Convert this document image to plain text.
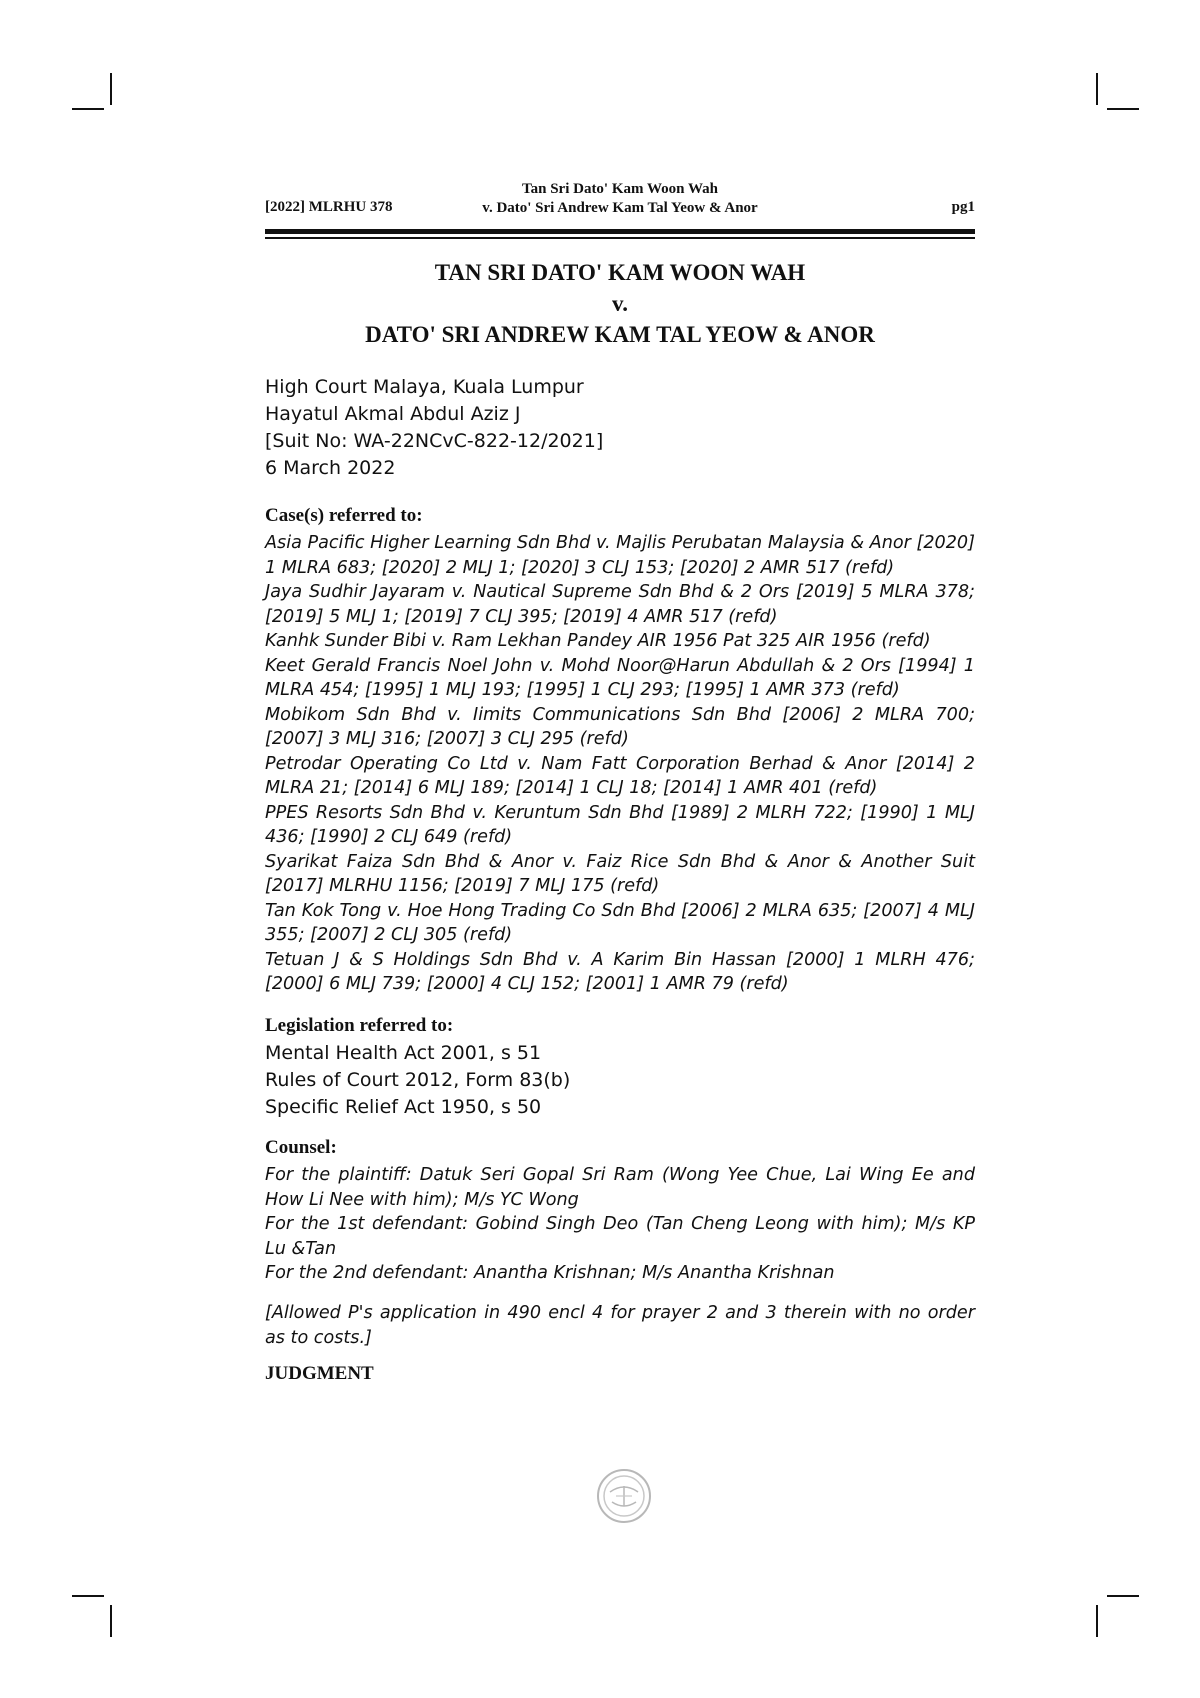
[2022] MLRHU 378
Tan Sri Dato' Kam Woon Wah
v. Dato' Sri Andrew Kam Tal Yeow & Anor	pg1
TAN SRI DATO' KAM WOON WAH
v.
DATO' SRI ANDREW KAM TAL YEOW & ANOR
High Court Malaya, Kuala Lumpur
Hayatul Akmal Abdul Aziz J
[Suit No: WA-22NCvC-822-12/2021]
6 March 2022
Case(s) referred to:

Asia Pacific Higher Learning Sdn Bhd v. Majlis Perubatan Malaysia & Anor [2020] 1 MLRA 683; [2020] 2 MLJ 1; [2020] 3 CLJ 153; [2020] 2 AMR 517 (refd)

Jaya Sudhir Jayaram v. Nautical Supreme Sdn Bhd & 2 Ors [2019] 5 MLRA 378; [2019] 5 MLJ 1; [2019] 7 CLJ 395; [2019] 4 AMR 517 (refd)

Kanhk Sunder Bibi v. Ram Lekhan Pandey AIR 1956 Pat 325 AIR 1956 (refd)

Keet Gerald Francis Noel John v. Mohd Noor@Harun Abdullah & 2 Ors [1994] 1 MLRA 454; [1995] 1 MLJ 193; [1995] 1 CLJ 293; [1995] 1 AMR 373 (refd)

Mobikom Sdn Bhd v. Iimits Communications Sdn Bhd [2006] 2 MLRA 700; [2007] 3 MLJ 316; [2007] 3 CLJ 295 (refd)

Petrodar Operating Co Ltd v. Nam Fatt Corporation Berhad & Anor [2014] 2 MLRA 21; [2014] 6 MLJ 189; [2014] 1 CLJ 18; [2014] 1 AMR 401 (refd)

PPES Resorts Sdn Bhd v. Keruntum Sdn Bhd [1989] 2 MLRH 722; [1990] 1 MLJ 436; [1990] 2 CLJ 649 (refd)

Syarikat Faiza Sdn Bhd & Anor v. Faiz Rice Sdn Bhd & Anor & Another Suit [2017] MLRHU 1156; [2019] 7 MLJ 175 (refd)

Tan Kok Tong v. Hoe Hong Trading Co Sdn Bhd [2006] 2 MLRA 635; [2007] 4 MLJ 355; [2007] 2 CLJ 305 (refd)

Tetuan J & S Holdings Sdn Bhd v. A Karim Bin Hassan [2000] 1 MLRH 476; [2000] 6 MLJ 739; [2000] 4 CLJ 152; [2001] 1 AMR 79 (refd)

Legislation referred to:
Mental Health Act 2001, s 51
Rules of Court 2012, Form 83(b)
Specific Relief Act 1950, s 50
Counsel:

For the plaintiff: Datuk Seri Gopal Sri Ram (Wong Yee Chue, Lai Wing Ee and How Li Nee with him); M/s YC Wong

For the 1st defendant: Gobind Singh Deo (Tan Cheng Leong with him); M/s KP Lu &Tan

For the 2nd defendant: Anantha Krishnan; M/s Anantha Krishnan

[Allowed P's application in 490 encl 4 for prayer 2 and 3 therein with no order as to costs.]
JUDGMENT
